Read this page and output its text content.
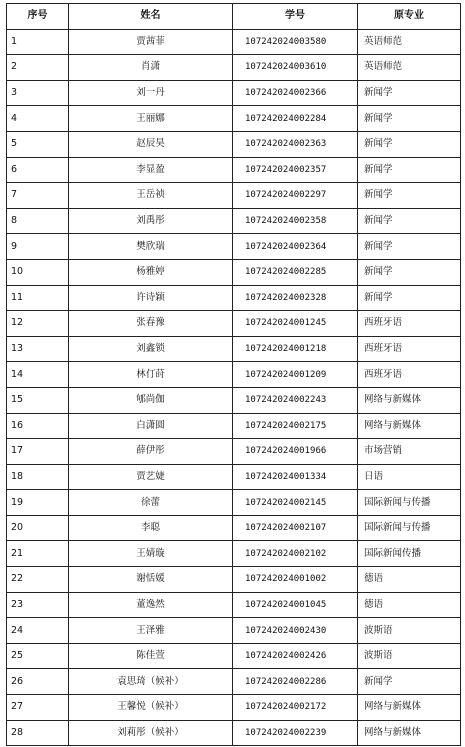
序号	姓名	学号	原专业
1	贾茜菲	107242024003580	英语师范
2	肖潇	107242024003610	英语师范
3	刘一丹	107242024002366	新闻学
4	王丽娜	107242024002284	新闻学
5	赵辰昊	107242024002363	新闻学
6	李显盈	107242024002357	新闻学
7	王岳祯	107242024002297	新闻学
8	刘禹彤	107242024002358	新闻学
9	樊欣瑞	107242024002364	新闻学
10	杨雅婷	107242024002285	新闻学
11	许诗颖	107242024002328	新闻学
12	张春豫	107242024001245	西班牙语
13	刘鑫锁	107242024001218	西班牙语
14	林仃莳	107242024001209	西班牙语
15	郇尚伽	107242024002243	网络与新媒体
16	白潇圆	107242024002175	网络与新媒体
17	薛伊彤	107242024001966	市场营销
18	贾艺婕	107242024001334	日语
19	徐蕾	107242024002145	国际新闻与传播
20	李聪	107242024002107	国际新闻与传播
21	王婧璇	107242024002102	国际新闻传播
22	谢恬媛	107242024001002	德语
23	董逸然	107242024001045	德语
24	王泽雅	107242024002430	波斯语
25	陈佳萱	107242024002426	波斯语
26	袁思琦（候补）	107242024002286	新闻学
27	王馨悦（候补）	107242024002172	网络与新媒体
28	刘莉彤（候补）	107242024002239	网络与新媒体
